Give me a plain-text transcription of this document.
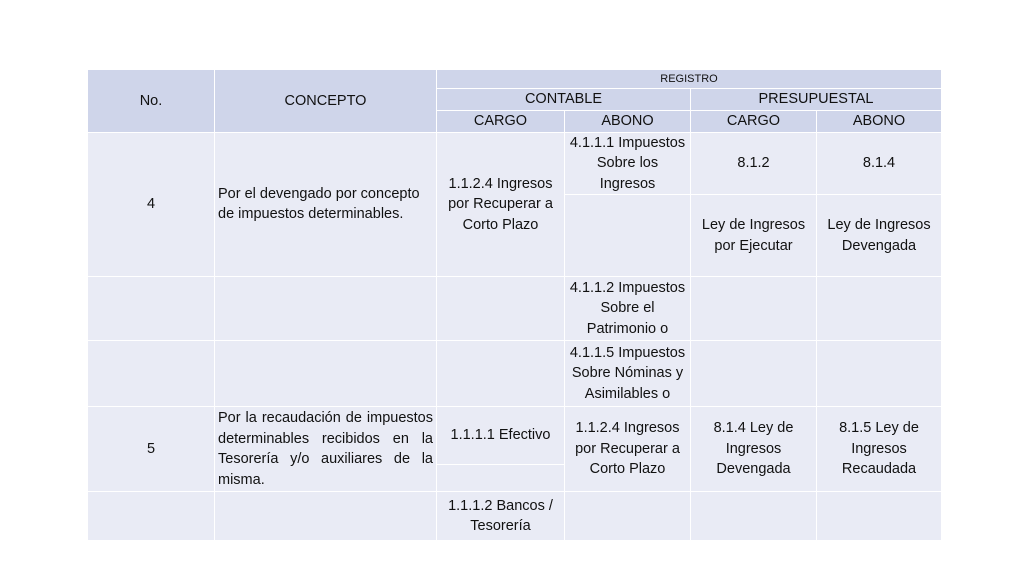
No.	CONCEPTO	REGISTRO			
		CONTABLE		PRESUPUESTAL	
		CARGO	ABONO	CARGO	ABONO
4	Por el devengado por concepto de impuestos determinables.	1.1.2.4 Ingresos por Recuperar a Corto Plazo	4.1.1.1 Impuestos Sobre los Ingresos	8.1.2	8.1.4
				Ley de Ingresos por Ejecutar	Ley de Ingresos Devengada
			4.1.1.2 Impuestos Sobre el Patrimonio o		
			4.1.1.5 Impuestos Sobre Nóminas y Asimilables o		
5	Por la recaudación de impuestos determinables recibidos en la Tesorería y/o auxiliares de la misma.	1.1.1.1 Efectivo	1.1.2.4 Ingresos por Recuperar a Corto Plazo	8.1.4 Ley de Ingresos Devengada	8.1.5 Ley de Ingresos Recaudada

		1.1.1.2 Bancos / Tesorería			
